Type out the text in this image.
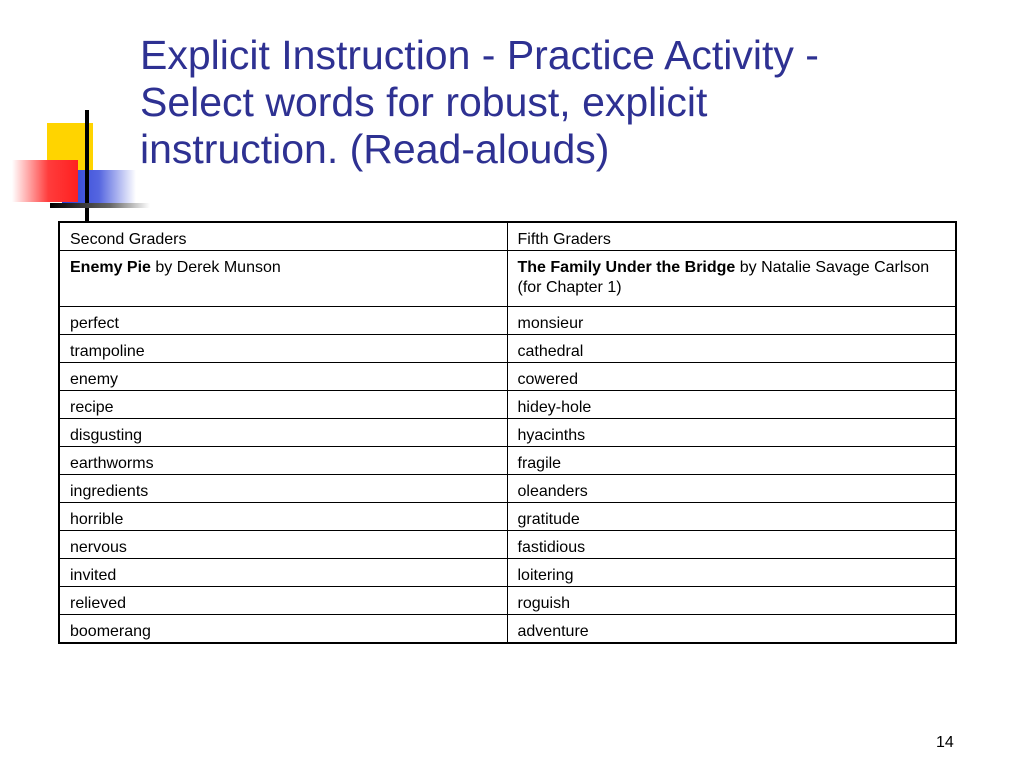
Explicit Instruction - Practice Activity -
Select words for robust, explicit
instruction. (Read-alouds)
Second Graders	Fifth Graders
Enemy Pie by Derek Munson	The Family Under the Bridge by Natalie Savage Carlson (for Chapter 1)
perfect	monsieur
trampoline	cathedral
enemy	cowered
recipe	hidey-hole
disgusting	hyacinths
earthworms	fragile
ingredients	oleanders
horrible	gratitude
nervous	fastidious
invited	loitering
relieved	roguish
boomerang	adventure
14
